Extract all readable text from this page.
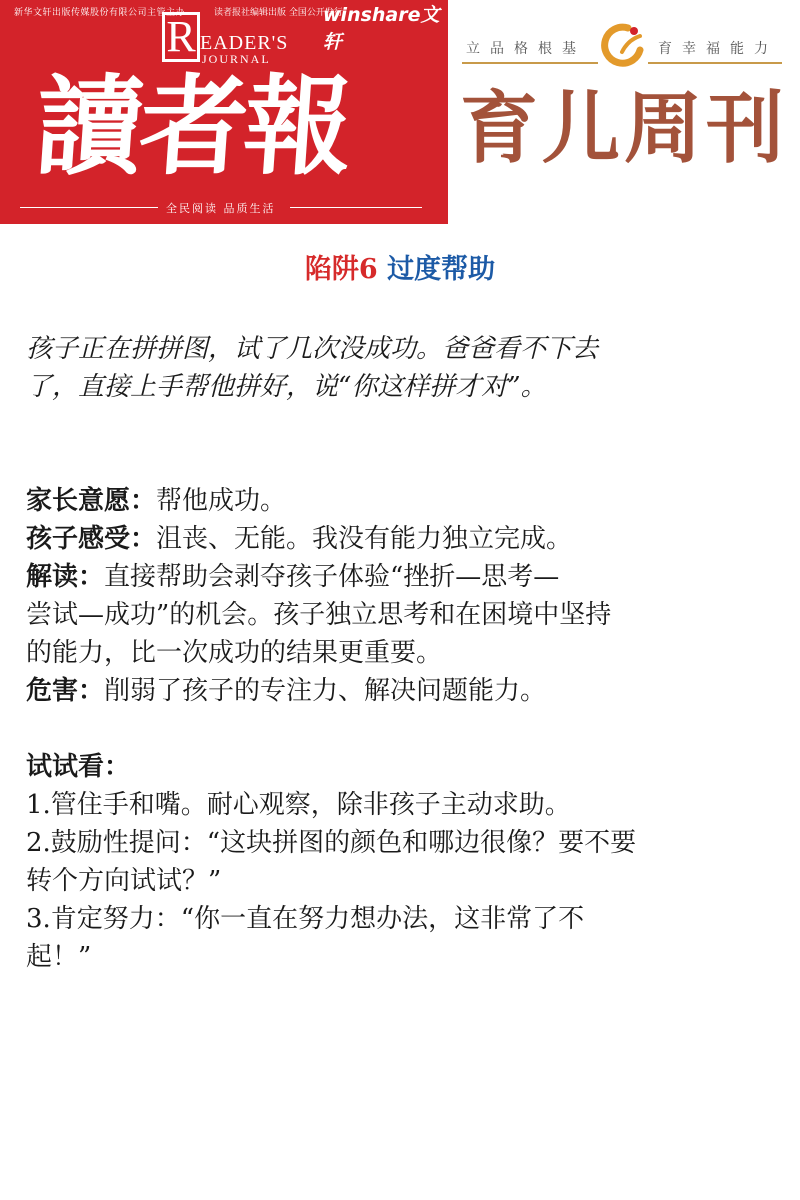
新华文轩出版传媒股份有限公司主管主办	读者报社编辑出版 全国公开发行
winshare文轩
R EADER'S
JOURNAL
讀者報
全民阅读 品质生活
立品格根基	育幸福能力
育儿周刊
陷阱6 过度帮助

孩子正在拼拼图，试了几次没成功。爸爸看不下去
了，直接上手帮他拼好，说“你这样拼才对”。

家长意愿：帮他成功。

孩子感受：沮丧、无能。我没有能力独立完成。

解读：直接帮助会剥夺孩子体验“挫折—思考—
尝试—成功”的机会。孩子独立思考和在困境中坚持
的能力，比一次成功的结果更重要。

危害：削弱了孩子的专注力、解决问题能力。

试试看：

1.管住手和嘴。耐心观察，除非孩子主动求助。

2.鼓励性提问：“这块拼图的颜色和哪边很像？要不要
转个方向试试？”

3.肯定努力：“你一直在努力想办法，这非常了不
起！”
